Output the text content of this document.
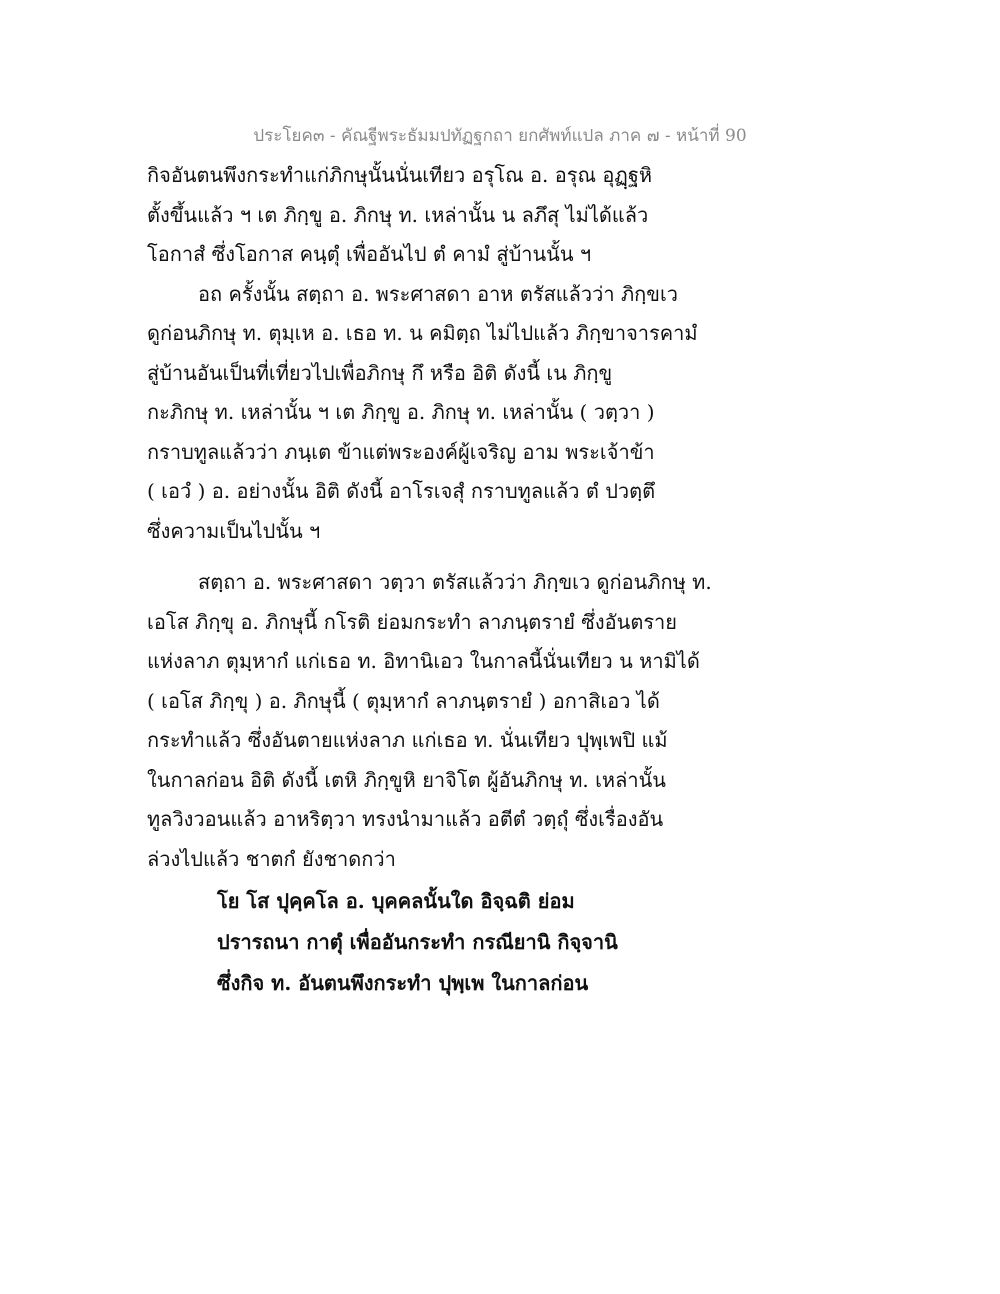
ประโยค๓ - คัณฐีพระธัมมปทัฏฐกถา ยกศัพท์แปล ภาค ๗ - หน้าที่ 90
กิจอันตนพึงกระทำแก่ภิกษุนั้นนั่นเทียว อรุโณ อ. อรุณ อุฏฺฐหิ
ตั้งขึ้นแล้ว ฯ เต ภิกฺขู อ. ภิกษุ ท. เหล่านั้น น ลภึสุ ไม่ได้แล้ว
โอกาสํ ซึ่งโอกาส คนฺตุํ เพื่ออันไป ตํ คามํ สู่บ้านนั้น ฯ
อถ ครั้งนั้น สตฺถา อ. พระศาสดา อาห ตรัสแล้วว่า ภิกฺขเว
ดูก่อนภิกษุ ท. ตุมฺเห อ. เธอ ท. น คมิตฺถ ไม่ไปแล้ว ภิกฺขาจารคามํ
สู่บ้านอันเป็นที่เที่ยวไปเพื่อภิกษุ กึ หรือ อิติ ดังนี้ เน ภิกฺขู
กะภิกษุ ท. เหล่านั้น ฯ เต ภิกฺขู อ. ภิกษุ ท. เหล่านั้น ( วตฺวา )
กราบทูลแล้วว่า ภนฺเต ข้าแต่พระองค์ผู้เจริญ อาม พระเจ้าข้า
( เอวํ ) อ. อย่างนั้น อิติ ดังนี้ อาโรเจสุํ กราบทูลแล้ว ตํ ปวตฺตึ
ซึ่งความเป็นไปนั้น ฯ
สตฺถา อ. พระศาสดา วตฺวา ตรัสแล้วว่า ภิกฺขเว ดูก่อนภิกษุ ท.
เอโส ภิกฺขุ อ. ภิกษุนี้ กโรติ ย่อมกระทำ ลาภนฺตรายํ ซึ่งอันตราย
แห่งลาภ ตุมฺหากํ แก่เธอ ท. อิทานิเอว ในกาลนี้นั่นเทียว น หามิได้
( เอโส ภิกฺขุ ) อ. ภิกษุนี้ ( ตุมฺหากํ ลาภนฺตรายํ ) อกาสิเอว ได้
กระทำแล้ว ซึ่งอันตายแห่งลาภ แก่เธอ ท. นั่นเทียว ปุพฺเพปิ แม้
ในกาลก่อน อิติ ดังนี้ เตหิ ภิกฺขูหิ ยาจิโต ผู้อันภิกษุ ท. เหล่านั้น
ทูลวิงวอนแล้ว อาหริตฺวา ทรงนำมาแล้ว อตีตํ วตฺถุํ ซึ่งเรื่องอัน
ล่วงไปแล้ว ชาตกํ ยังชาดกว่า
โย โส ปุคฺคโล อ. บุคคลนั้นใด อิจฺฉติ ย่อม
ปรารถนา กาตุํ เพื่ออันกระทำ กรณียานิ กิจฺจานิ
ซึ่งกิจ ท. อันตนพึงกระทำ ปุพฺเพ ในกาลก่อน
